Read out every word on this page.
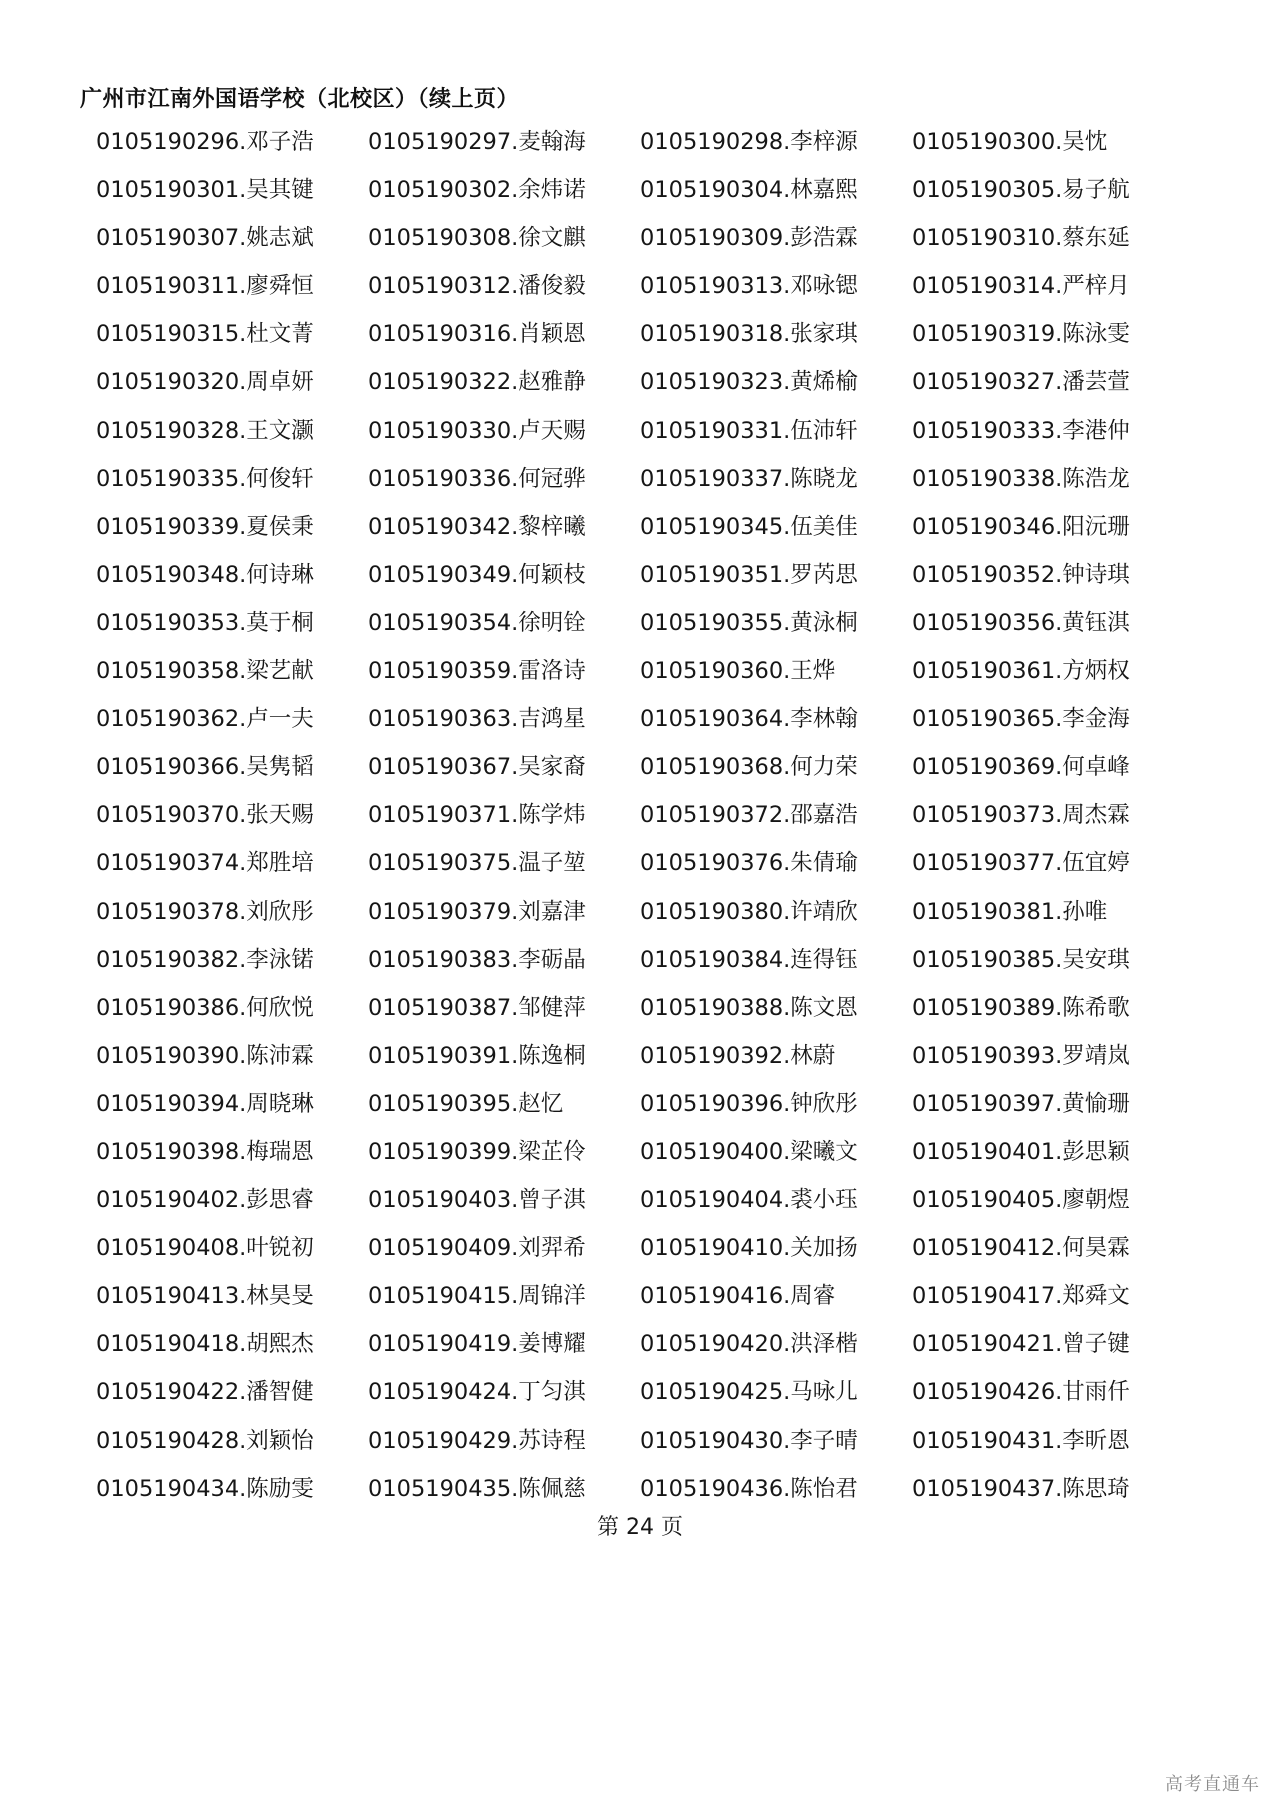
广州市江南外国语学校（北校区）（续上页）
0105190296.邓子浩	0105190297.麦翰海	0105190298.李梓源	0105190300.吴忱
0105190301.吴其键	0105190302.余炜诺	0105190304.林嘉熙	0105190305.易子航
0105190307.姚志斌	0105190308.徐文麒	0105190309.彭浩霖	0105190310.蔡东延
0105190311.廖舜恒	0105190312.潘俊毅	0105190313.邓咏锶	0105190314.严梓月
0105190315.杜文菁	0105190316.肖颖恩	0105190318.张家琪	0105190319.陈泳雯
0105190320.周卓妍	0105190322.赵雅静	0105190323.黄烯榆	0105190327.潘芸萱
0105190328.王文灏	0105190330.卢天赐	0105190331.伍沛轩	0105190333.李港仲
0105190335.何俊轩	0105190336.何冠骅	0105190337.陈晓龙	0105190338.陈浩龙
0105190339.夏侯秉	0105190342.黎梓曦	0105190345.伍美佳	0105190346.阳沅珊
0105190348.何诗琳	0105190349.何颖枝	0105190351.罗芮思	0105190352.钟诗琪
0105190353.莫于桐	0105190354.徐明铨	0105190355.黄泳桐	0105190356.黄钰淇
0105190358.梁艺献	0105190359.雷洛诗	0105190360.王烨	0105190361.方炳权
0105190362.卢一夫	0105190363.吉鸿星	0105190364.李林翰	0105190365.李金海
0105190366.吴隽韬	0105190367.吴家裔	0105190368.何力荣	0105190369.何卓峰
0105190370.张天赐	0105190371.陈学炜	0105190372.邵嘉浩	0105190373.周杰霖
0105190374.郑胜培	0105190375.温子堃	0105190376.朱倩瑜	0105190377.伍宜婷
0105190378.刘欣彤	0105190379.刘嘉津	0105190380.许靖欣	0105190381.孙唯
0105190382.李泳锘	0105190383.李砺晶	0105190384.连得钰	0105190385.吴安琪
0105190386.何欣悦	0105190387.邹健萍	0105190388.陈文恩	0105190389.陈希歌
0105190390.陈沛霖	0105190391.陈逸桐	0105190392.林蔚	0105190393.罗靖岚
0105190394.周晓琳	0105190395.赵忆	0105190396.钟欣彤	0105190397.黄愉珊
0105190398.梅瑞恩	0105190399.梁芷伶	0105190400.梁曦文	0105190401.彭思颖
0105190402.彭思睿	0105190403.曾子淇	0105190404.裘小珏	0105190405.廖朝煜
0105190408.叶锐初	0105190409.刘羿希	0105190410.关加扬	0105190412.何昊霖
0105190413.林昊旻	0105190415.周锦洋	0105190416.周睿	0105190417.郑舜文
0105190418.胡熙杰	0105190419.姜博耀	0105190420.洪泽楷	0105190421.曾子键
0105190422.潘智健	0105190424.丁匀淇	0105190425.马咏儿	0105190426.甘雨仟
0105190428.刘颖怡	0105190429.苏诗程	0105190430.李子晴	0105190431.李昕恩
0105190434.陈励雯	0105190435.陈佩慈	0105190436.陈怡君	0105190437.陈思琦
第 24 页
高考直通车
